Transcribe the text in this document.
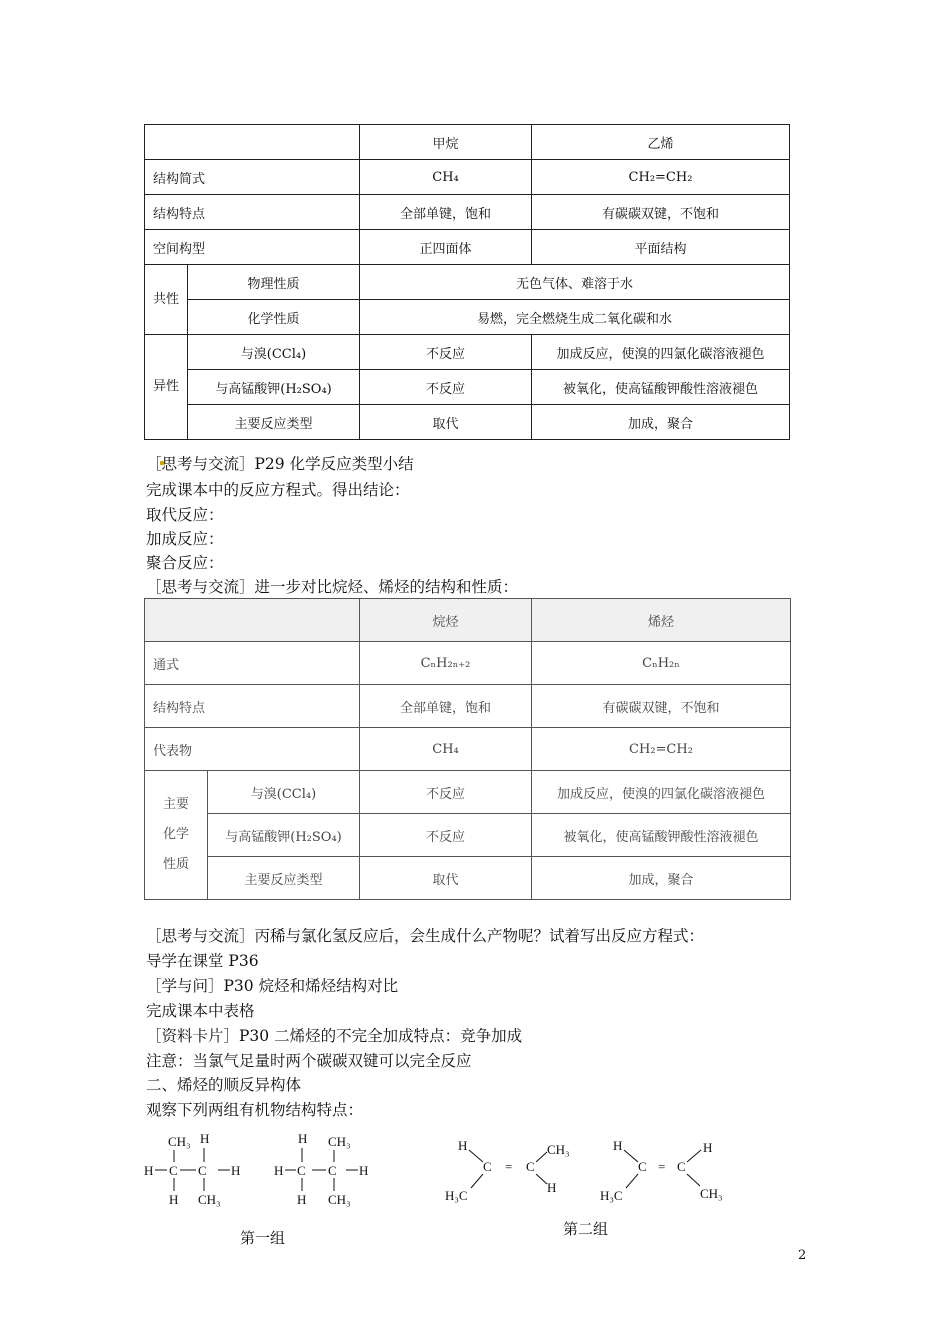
		甲烷	乙烯
结构简式		CH₄	CH₂=CH₂
结构特点		全部单键，饱和	有碳碳双键，不饱和
空间构型		正四面体	平面结构
共性	物理性质	无色气体、难溶于水	
	化学性质	易燃，完全燃烧生成二氧化碳和水	
异性	与溴(CCl₄)	不反应	加成反应，使溴的四氯化碳溶液褪色
	与高锰酸钾(H₂SO₄)	不反应	被氧化，使高锰酸钾酸性溶液褪色
	主要反应类型	取代	加成，聚合
［思考与交流］P29 化学反应类型小结
完成课本中的反应方程式。得出结论：
取代反应：
加成反应：
聚合反应：
［思考与交流］进一步对比烷烃、烯烃的结构和性质：
		烷烃	烯烃
通式		CₙH₂ₙ₊₂	CₙH₂ₙ
结构特点		全部单键，饱和	有碳碳双键，不饱和
代表物		CH₄	CH₂=CH₂
主要化学性质	与溴(CCl₄)	不反应	加成反应，使溴的四氯化碳溶液褪色
	与高锰酸钾(H₂SO₄)	不反应	被氧化，使高锰酸钾酸性溶液褪色
	主要反应类型	取代	加成，聚合
［思考与交流］丙稀与氯化氢反应后，会生成什么产物呢？试着写出反应方程式：
导学在课堂 P36
［学与问］P30 烷烃和烯烃结构对比
完成课本中表格
［资料卡片］P30 二烯烃的不完全加成特点：竞争加成
注意：当氯气足量时两个碳碳双键可以完全反应
二、烯烃的顺反异构体
观察下列两组有机物结构特点：
CH₃ H
H C C H
H CH₃
H CH₃
H C C H
H CH₃
第一组
H
C = C
CH₃
H₃C
H
H
C = C
H
H₃C	CH₃
第二组
2
